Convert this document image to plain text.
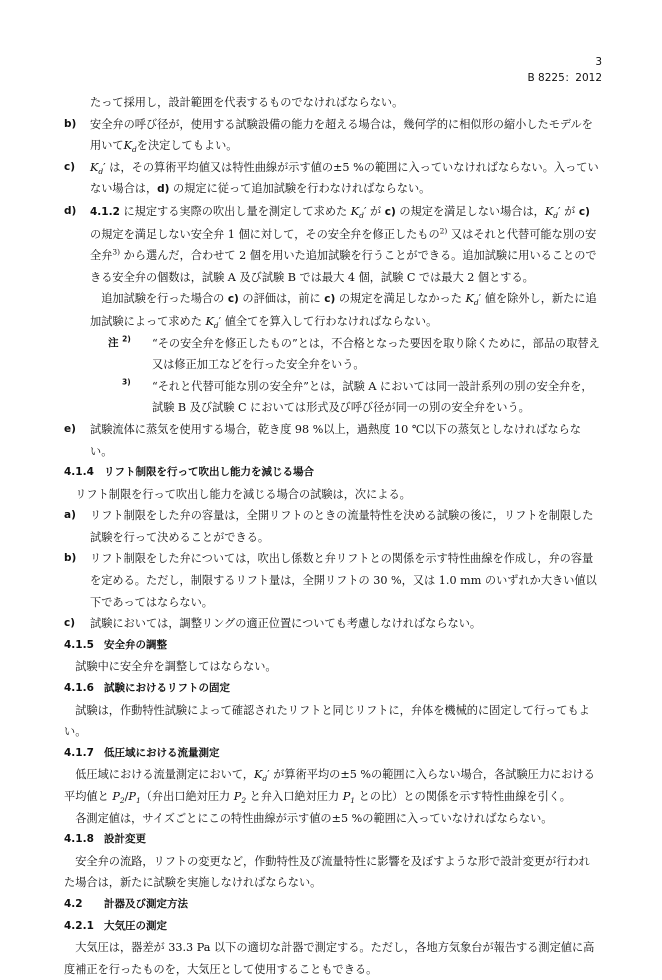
3
B 8225：2012

たって採用し，設計範囲を代表するものでなければならない。

b) 安全弁の呼び径が，使用する試験設備の能力を超える場合は，幾何学的に相似形の縮小したモデルを用いて$K_d$を決定してもよい。

c) $K_d'$ は，その算術平均値又は特性曲線が示す値の±5 %の範囲に入っていなければならない。入っていない場合は，d) の規定に従って追加試験を行わなければならない。

d) 4.1.2 に規定する実際の吹出し量を測定して求めた $K_d'$ が c) の規定を満足しない場合は，$K_d'$ が c) の規定を満足しない安全弁 1 個に対して，その安全弁を修正したもの$^{2)}$ 又はそれと代替可能な別の安全弁$^{3)}$ から選んだ，合わせて 2 個を用いた追加試験を行うことができる。追加試験に用いることのできる安全弁の個数は，試験 A 及び試験 B では最大 4 個，試験 C では最大 2 個とする。

追加試験を行った場合の c) の評価は，前に c) の規定を満足しなかった $K_d'$ 値を除外し，新たに追加試験によって求めた $K_d'$ 値全てを算入して行わなければならない。

注 $^{2)}$ “その安全弁を修正したもの”とは，不合格となった要因を取り除くために，部品の取替え又は修正加工などを行った安全弁をいう。

$^{3)}$ “それと代替可能な別の安全弁”とは，試験 A においては同一設計系列の別の安全弁を，試験 B 及び試験 C においては形式及び呼び径が同一の別の安全弁をいう。

e) 試験流体に蒸気を使用する場合，乾き度 98 %以上，過熱度 10 ℃以下の蒸気としなければならない。

4.1.4 リフト制限を行って吹出し能力を減じる場合

リフト制限を行って吹出し能力を減じる場合の試験は，次による。

a) リフト制限をした弁の容量は，全開リフトのときの流量特性を決める試験の後に，リフトを制限した試験を行って決めることができる。

b) リフト制限をした弁については，吹出し係数と弁リフトとの関係を示す特性曲線を作成し，弁の容量を定める。ただし，制限するリフト量は，全開リフトの 30 %，又は 1.0 mm のいずれか大きい値以下であってはならない。

c) 試験においては，調整リングの適正位置についても考慮しなければならない。

4.1.5 安全弁の調整

試験中に安全弁を調整してはならない。

4.1.6 試験におけるリフトの固定

試験は，作動特性試験によって確認されたリフトと同じリフトに，弁体を機械的に固定して行ってもよい。

4.1.7 低圧域における流量測定

低圧域における流量測定において，$K_d'$ が算術平均の±5 %の範囲に入らない場合，各試験圧力における平均値と $P_2/P_1$（弁出口絶対圧力 $P_2$ と弁入口絶対圧力 $P_1$ との比）との関係を示す特性曲線を引く。

各測定値は，サイズごとにこの特性曲線が示す値の±5 %の範囲に入っていなければならない。

4.1.8 設計変更

安全弁の流路，リフトの変更など，作動特性及び流量特性に影響を及ぼすような形で設計変更が行われた場合は，新たに試験を実施しなければならない。

4.2 計器及び測定方法

4.2.1 大気圧の測定

大気圧は，器差が 33.3 Pa 以下の適切な計器で測定する。ただし，各地方気象台が報告する測定値に高度補正を行ったものを，大気圧として使用することもできる。
